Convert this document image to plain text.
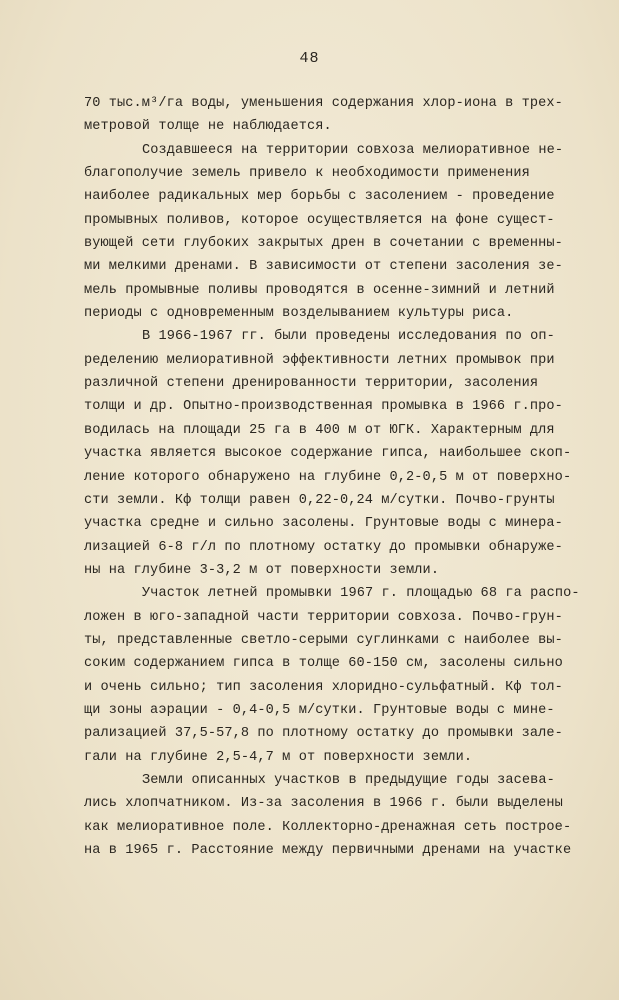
48
70 тыс.м³/га воды, уменьшения содержания хлор-иона в трех-
метровой толще не наблюдается.
Создавшееся на территории совхоза мелиоративное не-
благополучие земель привело к необходимости применения
наиболее радикальных мер борьбы с засолением - проведение
промывных поливов, которое осуществляется на фоне сущест-
вующей сети глубоких закрытых дрен в сочетании с временны-
ми мелкими дренами. В зависимости от степени засоления зе-
мель промывные поливы проводятся в осенне-зимний и летний
периоды с одновременным возделыванием культуры риса.
В 1966-1967 гг. были проведены исследования по оп-
ределению мелиоративной эффективности летних промывок при
различной степени дренированности территории, засоления
толщи и др. Опытно-производственная промывка в 1966 г.про-
водилась на площади 25 га в 400 м от ЮГК. Характерным для
участка является высокое содержание гипса, наибольшее скоп-
ление которого обнаружено на глубине 0,2-0,5 м от поверхно-
сти земли. Кф толщи равен 0,22-0,24 м/сутки. Почво-грунты
участка средне и сильно засолены. Грунтовые воды с минера-
лизацией 6-8 г/л по плотному остатку до промывки обнаруже-
ны на глубине 3-3,2 м от поверхности земли.
Участок летней промывки 1967 г. площадью 68 га распо-
ложен в юго-западной части территории совхоза. Почво-грун-
ты, представленные светло-серыми суглинками с наиболее вы-
соким содержанием гипса в толще 60-150 см, засолены сильно
и очень сильно; тип засоления хлоридно-сульфатный. Кф тол-
щи зоны аэрации - 0,4-0,5 м/сутки. Грунтовые воды с мине-
рализацией 37,5-57,8 по плотному остатку до промывки зале-
гали на глубине 2,5-4,7 м от поверхности земли.
Земли описанных участков в предыдущие годы засева-
лись хлопчатником. Из-за засоления в 1966 г. были выделены
как мелиоративное поле. Коллекторно-дренажная сеть построе-
на в 1965 г. Расстояние между первичными дренами на участке
